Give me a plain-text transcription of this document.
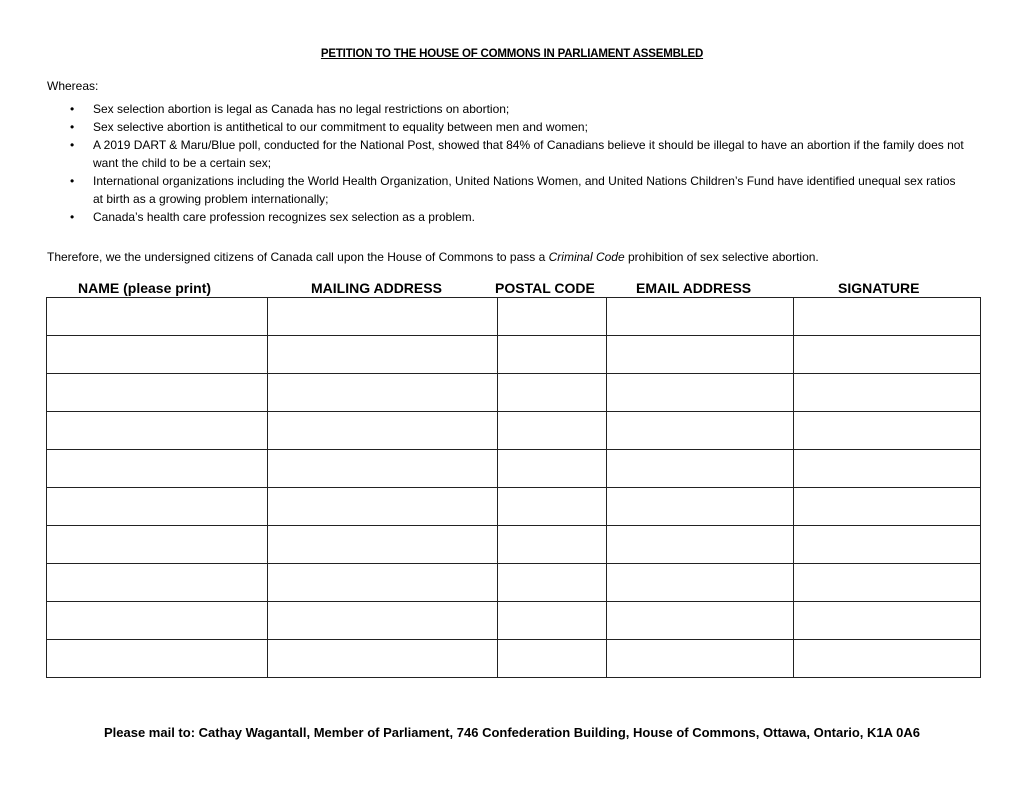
PETITION TO THE HOUSE OF COMMONS IN PARLIAMENT ASSEMBLED
Whereas:
• Sex selection abortion is legal as Canada has no legal restrictions on abortion;
• Sex selective abortion is antithetical to our commitment to equality between men and women;
• A 2019 DART & Maru/Blue poll, conducted for the National Post, showed that 84% of Canadians believe it should be illegal to have an abortion if the family does not want the child to be a certain sex;
• International organizations including the World Health Organization, United Nations Women, and United Nations Children’s Fund have identified unequal sex ratios at birth as a growing problem internationally;
• Canada’s health care profession recognizes sex selection as a problem.
Therefore, we the undersigned citizens of Canada call upon the House of Commons to pass a Criminal Code prohibition of sex selective abortion.
NAME (please print)	MAILING ADDRESS	POSTAL CODE	EMAIL ADDRESS	SIGNATURE

Please mail to: Cathay Wagantall, Member of Parliament, 746 Confederation Building, House of Commons, Ottawa, Ontario, K1A 0A6
